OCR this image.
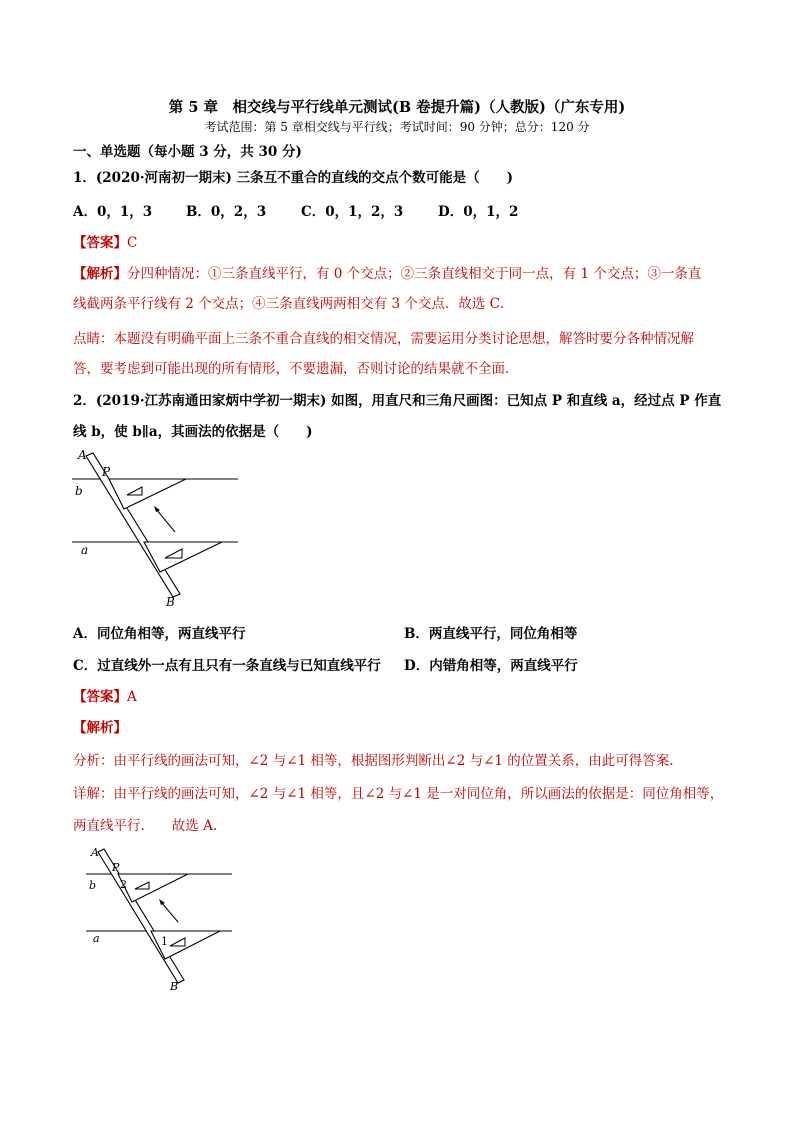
第 5 章　相交线与平行线单元测试(B 卷提升篇)（人教版)（广东专用)
考试范围：第 5 章相交线与平行线；考试时间：90 分钟；总分：120 分
一、单选题（每小题 3 分，共 30 分)
1．(2020·河南初一期末) 三条互不重合的直线的交点个数可能是（　　)
A．0，1，3	B．0，2，3	C．0，1，2，3	D．0，1，2
【答案】C
【解析】分四种情况：①三条直线平行，有 0 个交点；②三条直线相交于同一点，有 1 个交点；③一条直
线截两条平行线有 2 个交点；④三条直线两两相交有 3 个交点．故选 C．
点睛：本题没有明确平面上三条不重合直线的相交情况，需要运用分类讨论思想，解答时要分各种情况解
答，要考虑到可能出现的所有情形，不要遗漏，否则讨论的结果就不全面．
2．(2019·江苏南通田家炳中学初一期末) 如图，用直尺和三角尺画图：已知点 P 和直线 a，经过点 P 作直
线 b，使 b∥a，其画法的依据是（　　)
A
P
b
a
B
A．同位角相等，两直线平行	B．两直线平行，同位角相等
C．过直线外一点有且只有一条直线与已知直线平行 D．内错角相等，两直线平行
【答案】A
【解析】
分析：由平行线的画法可知，∠2 与∠1 相等，根据图形判断出∠2 与∠1 的位置关系，由此可得答案.
详解：由平行线的画法可知，∠2 与∠1 相等，且∠2 与∠1 是一对同位角，所以画法的依据是：同位角相等，
两直线平行.　　故选 A.
A
P
b
a
B
2
1
